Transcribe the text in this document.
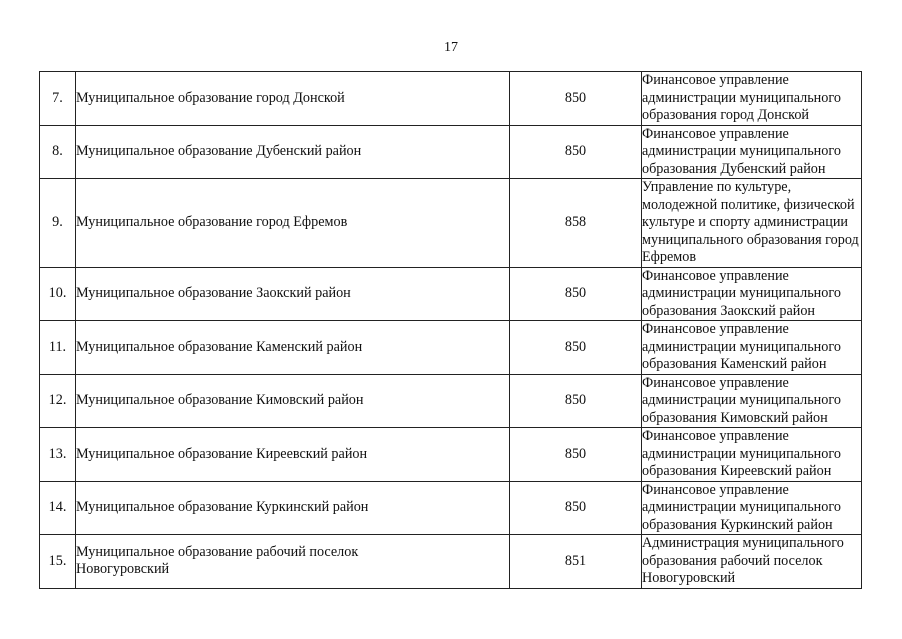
17
7.	Муниципальное образование город Донской	850	Финансовое управление
администрации муниципального
образования город Донской

8.	Муниципальное образование Дубенский район	850	Финансовое управление
администрации муниципального
образования Дубенский район

9.	Муниципальное образование город Ефремов	858	Управление по культуре,
молодежной политике, физической
культуре и спорту администрации
муниципального образования город
Ефремов

10.	Муниципальное образование Заокский район	850	Финансовое управление
администрации муниципального
образования Заокский район

11.	Муниципальное образование Каменский район	850	Финансовое управление
администрации муниципального
образования Каменский район

12.	Муниципальное образование Кимовский район	850	Финансовое управление
администрации муниципального
образования Кимовский район

13.	Муниципальное образование Киреевский район	850	Финансовое управление
администрации муниципального
образования Киреевский район

14.	Муниципальное образование Куркинский район	850	Финансовое управление
администрации муниципального
образования Куркинский район

15.	Муниципальное образование рабочий поселок
Новогуровский	851	Администрация муниципального
образования рабочий поселок
Новогуровский
